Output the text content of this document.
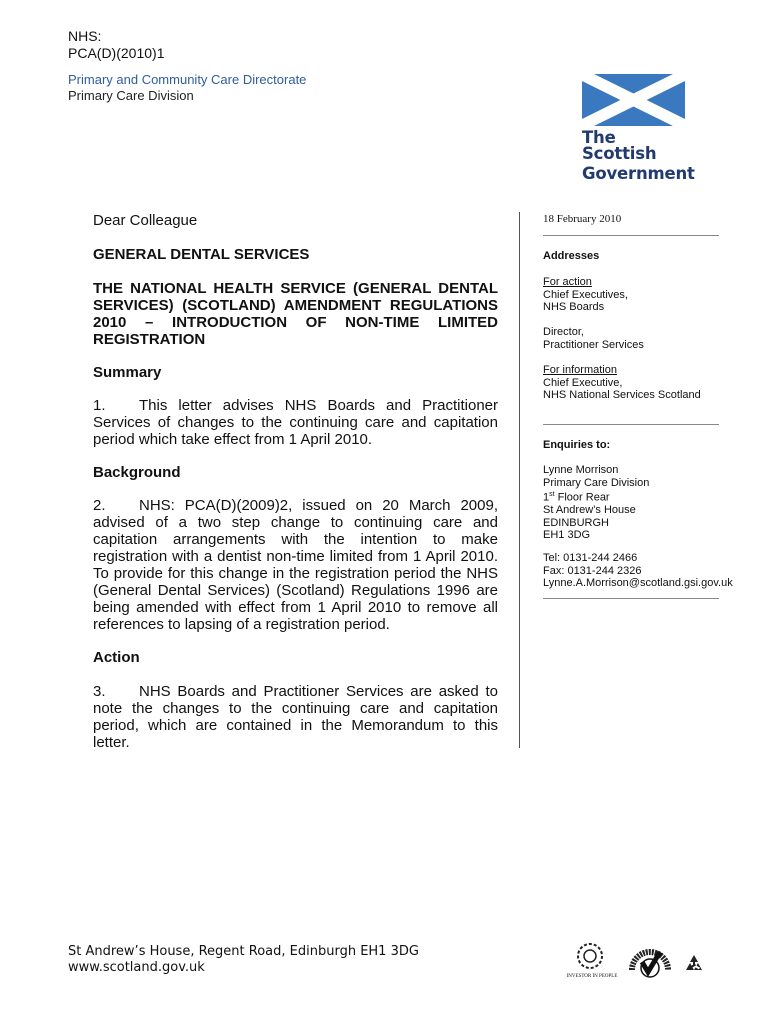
NHS:
PCA(D)(2010)1
Primary and Community Care Directorate
Primary Care Division
The Scottish
Government
Dear Colleague
GENERAL DENTAL SERVICES
THE NATIONAL HEALTH SERVICE (GENERAL DENTAL SERVICES) (SCOTLAND) AMENDMENT REGULATIONS 2010 – INTRODUCTION OF NON-TIME LIMITED REGISTRATION
Summary
1. This letter advises NHS Boards and Practitioner Services of changes to the continuing care and capitation period which take effect from 1 April 2010.
Background
2. NHS: PCA(D)(2009)2, issued on 20 March 2009, advised of a two step change to continuing care and capitation arrangements with the intention to make registration with a dentist non-time limited from 1 April 2010. To provide for this change in the registration period the NHS (General Dental Services) (Scotland) Regulations 1996 are being amended with effect from 1 April 2010 to remove all references to lapsing of a registration period.
Action
3. NHS Boards and Practitioner Services are asked to note the changes to the continuing care and capitation period, which are contained in the Memorandum to this letter.
18 February 2010
Addresses
For action
Chief Executives,
NHS Boards
Director,
Practitioner Services
For information
Chief Executive,
NHS National Services Scotland
Enquiries to:
Lynne Morrison
Primary Care Division
1st Floor Rear
St Andrew’s House
EDINBURGH
EH1 3DG
Tel: 0131-244 2466
Fax: 0131-244 2326
Lynne.A.Morrison@scotland.gsi.gov.uk
St Andrew’s House, Regent Road, Edinburgh EH1 3DG
www.scotland.gov.uk
INVESTOR IN PEOPLE
